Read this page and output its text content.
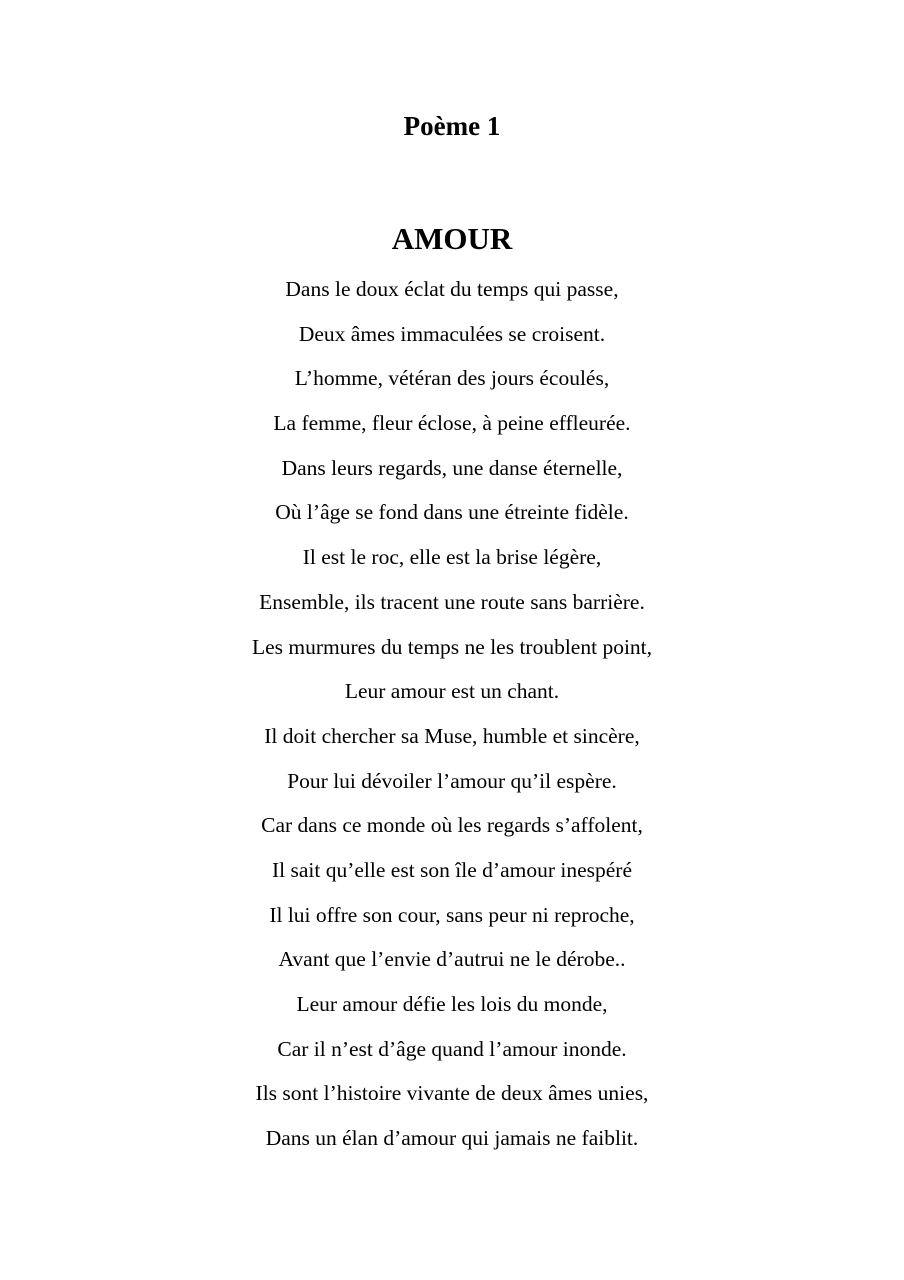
Poème 1
AMOUR
Dans le doux éclat du temps qui passe,
Deux âmes immaculées se croisent.
L’homme, vétéran des jours écoulés,
La femme, fleur éclose, à peine effleurée.
Dans leurs regards, une danse éternelle,
Où l’âge se fond dans une étreinte fidèle.
Il est le roc, elle est la brise légère,
Ensemble, ils tracent une route sans barrière.
Les murmures du temps ne les troublent point,
Leur amour est un chant.
Il doit chercher sa Muse, humble et sincère,
Pour lui dévoiler l’amour qu’il espère.
Car dans ce monde où les regards s’affolent,
Il sait qu’elle est son île d’amour inespéré
Il lui offre son cour, sans peur ni reproche,
Avant que l’envie d’autrui ne le dérobe..
Leur amour défie les lois du monde,
Car il n’est d’âge quand l’amour inonde.
Ils sont l’histoire vivante de deux âmes unies,
Dans un élan d’amour qui jamais ne faiblit.
